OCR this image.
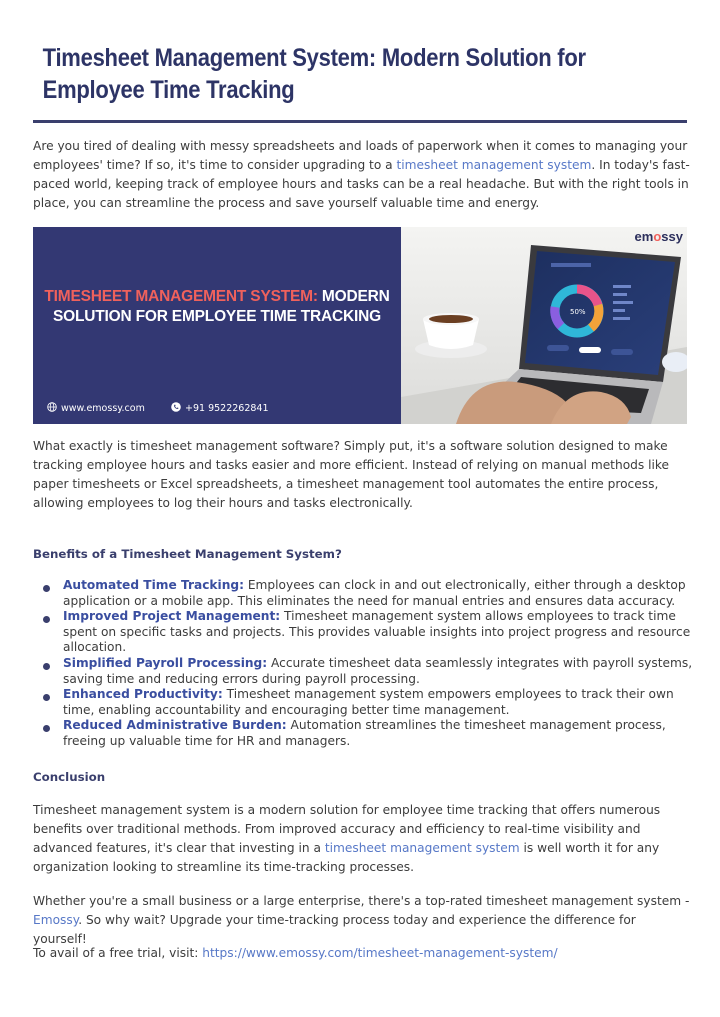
Timesheet Management System: Modern Solution for Employee Time Tracking

Are you tired of dealing with messy spreadsheets and loads of paperwork when it comes to managing your employees' time? If so, it's time to consider upgrading to a timesheet management system. In today's fast-paced world, keeping track of employee hours and tasks can be a real headache. But with the right tools in place, you can streamline the process and save yourself valuable time and energy.

TIMESHEET MANAGEMENT SYSTEM: MODERN
SOLUTION FOR EMPLOYEE TIME TRACKING
www.emossy.com	+91 9522262841
50%
emossy

What exactly is timesheet management software? Simply put, it's a software solution designed to make tracking employee hours and tasks easier and more efficient. Instead of relying on manual methods like paper timesheets or Excel spreadsheets, a timesheet management tool automates the entire process, allowing employees to log their hours and tasks electronically.

Benefits of a Timesheet Management System?
Automated Time Tracking: Employees can clock in and out electronically, either through a desktop application or a mobile app. This eliminates the need for manual entries and ensures data accuracy.
Improved Project Management: Timesheet management system allows employees to track time spent on specific tasks and projects. This provides valuable insights into project progress and resource allocation.
Simplified Payroll Processing: Accurate timesheet data seamlessly integrates with payroll systems, saving time and reducing errors during payroll processing.
Enhanced Productivity: Timesheet management system empowers employees to track their own time, enabling accountability and encouraging better time management.
Reduced Administrative Burden: Automation streamlines the timesheet management process, freeing up valuable time for HR and managers.
Conclusion

Timesheet management system is a modern solution for employee time tracking that offers numerous benefits over traditional methods. From improved accuracy and efficiency to real-time visibility and advanced features, it's clear that investing in a timesheet management system is well worth it for any organization looking to streamline its time-tracking processes.

Whether you're a small business or a large enterprise, there's a top-rated timesheet management system - Emossy. So why wait? Upgrade your time-tracking process today and experience the difference for yourself!

To avail of a free trial, visit: https://www.emossy.com/timesheet-management-system/
